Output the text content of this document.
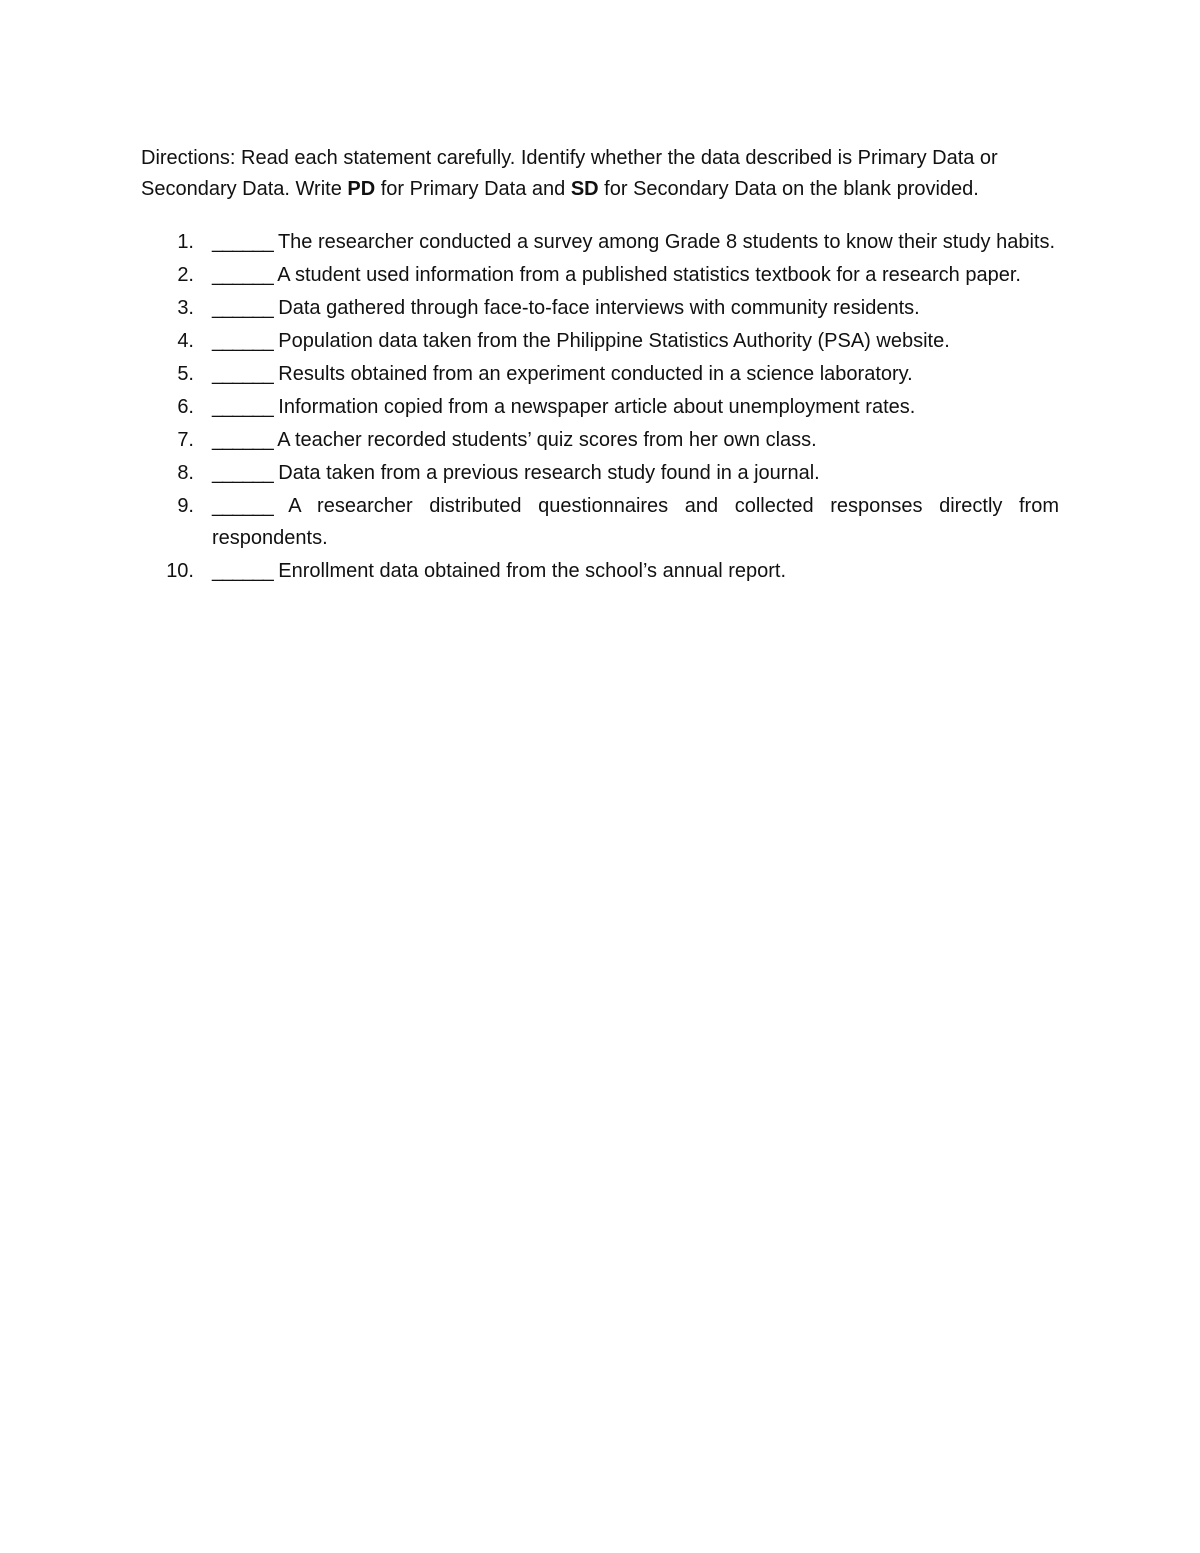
Directions: Read each statement carefully. Identify whether the data described is Primary Data or Secondary Data. Write PD for Primary Data and SD for Secondary Data on the blank provided.

1. ______ The researcher conducted a survey among Grade 8 students to know their study habits.
2. ______ A student used information from a published statistics textbook for a research paper.
3. ______ Data gathered through face-to-face interviews with community residents.
4. ______ Population data taken from the Philippine Statistics Authority (PSA) website.
5. ______ Results obtained from an experiment conducted in a science laboratory.
6. ______ Information copied from a newspaper article about unemployment rates.
7. ______ A teacher recorded students’ quiz scores from her own class.
8. ______ Data taken from a previous research study found in a journal.
9. ______ A researcher distributed questionnaires and collected responses directly from respondents.
10. ______ Enrollment data obtained from the school’s annual report.
